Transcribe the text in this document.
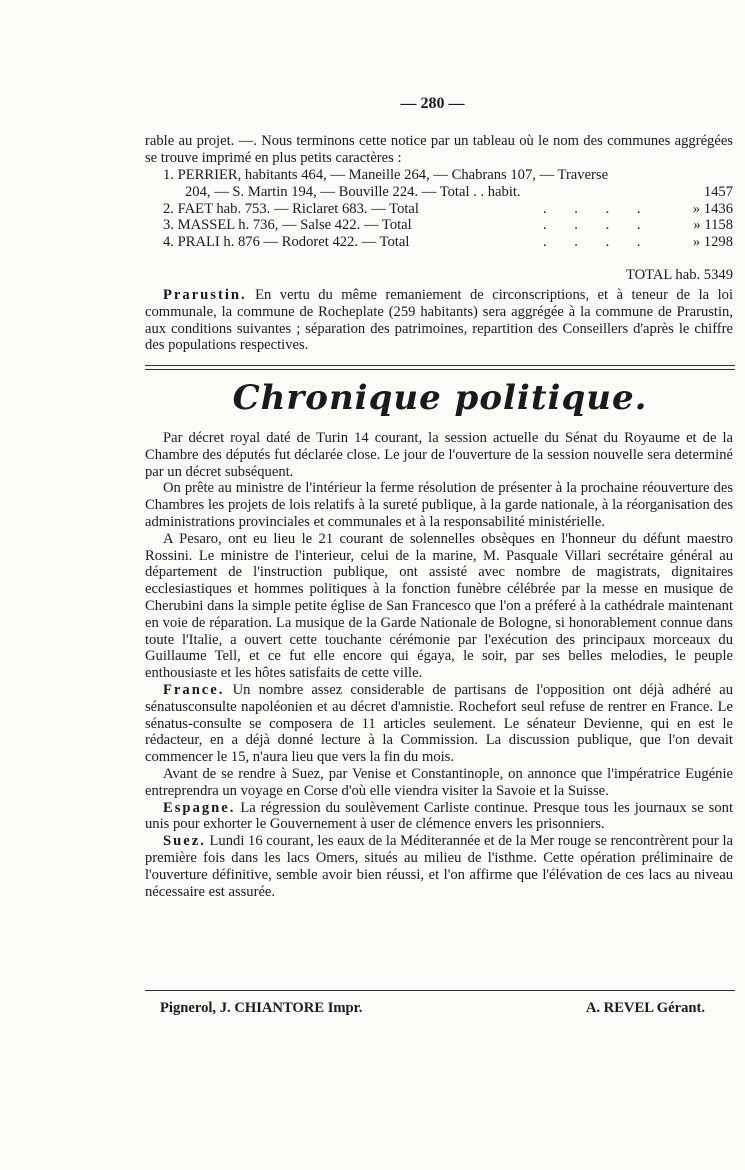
— 280 —

rable au projet. —. Nous terminons cette notice par un tableau où le nom des communes aggrégées se trouve imprimé en plus petits caractères :

1. PERRIER, habitants 464, — Maneille 264, — Chabrans 107, — Traverse
204, — S. Martin 194, — Bouville 224. — Total . . habit.	1457
2. FAET hab. 753. — Riclaret 683. — Total	. . . .	» 1436
3. MASSEL h. 736, — Salse 422. — Total	. . . .	» 1158
4. PRALI h. 876 — Rodoret 422. — Total	. . . .	» 1298
TOTAL hab. 5349

Prarustin. En vertu du même remaniement de circonscriptions, et à teneur de la loi communale, la commune de Rocheplate (259 habitants) sera aggrégée à la commune de Prarustin, aux conditions suivantes ; séparation des patrimoines, repartition des Conseillers d'après le chiffre des populations respectives.

Chronique politique.

Par décret royal daté de Turin 14 courant, la session actuelle du Sénat du Royaume et de la Chambre des députés fut déclarée close. Le jour de l'ouverture de la session nouvelle sera determiné par un décret subséquent.

On prête au ministre de l'intérieur la ferme résolution de présenter à la prochaine réouverture des Chambres les projets de lois relatifs à la sureté publique, à la garde nationale, à la réorganisation des administrations provinciales et communales et à la responsabilité ministérielle.

A Pesaro, ont eu lieu le 21 courant de solennelles obsèques en l'honneur du défunt maestro Rossini. Le ministre de l'interieur, celui de la marine, M. Pasquale Villari secrétaire général au département de l'instruction publique, ont assisté avec nombre de magistrats, dignitaires ecclesiastiques et hommes politiques à la fonction funèbre célébrée par la messe en musique de Cherubini dans la simple petite église de San Francesco que l'on a préferé à la cathédrale maintenant en voie de réparation. La musique de la Garde Nationale de Bologne, si honorablement connue dans toute l'Italie, a ouvert cette touchante cérémonie par l'exécution des principaux morceaux du Guillaume Tell, et ce fut elle encore qui égaya, le soir, par ses belles melodies, le peuple enthousiaste et les hôtes satisfaits de cette ville.

France. Un nombre assez considerable de partisans de l'opposition ont déjà adhéré au sénatusconsulte napoléonien et au décret d'amnistie. Rochefort seul refuse de rentrer en France. Le sénatus-consulte se composera de 11 articles seulement. Le sénateur Devienne, qui en est le rédacteur, en a déjà donné lecture à la Commission. La discussion publique, que l'on devait commencer le 15, n'aura lieu que vers la fin du mois.

Avant de se rendre à Suez, par Venise et Constantinople, on annonce que l'impératrice Eugénie entreprendra un voyage en Corse d'où elle viendra visiter la Savoie et la Suisse.

Espagne. La régression du soulèvement Carliste continue. Presque tous les journaux se sont unis pour exhorter le Gouvernement à user de clémence envers les prisonniers.

Suez. Lundi 16 courant, les eaux de la Méditerannée et de la Mer rouge se rencontrèrent pour la première fois dans les lacs Omers, situés au milieu de l'isthme. Cette opération préliminaire de l'ouverture définitive, semble avoir bien réussi, et l'on affirme que l'élévation de ces lacs au niveau nécessaire est assurée.

Pignerol, J. CHIANTORE Impr.	A. REVEL Gérant.
